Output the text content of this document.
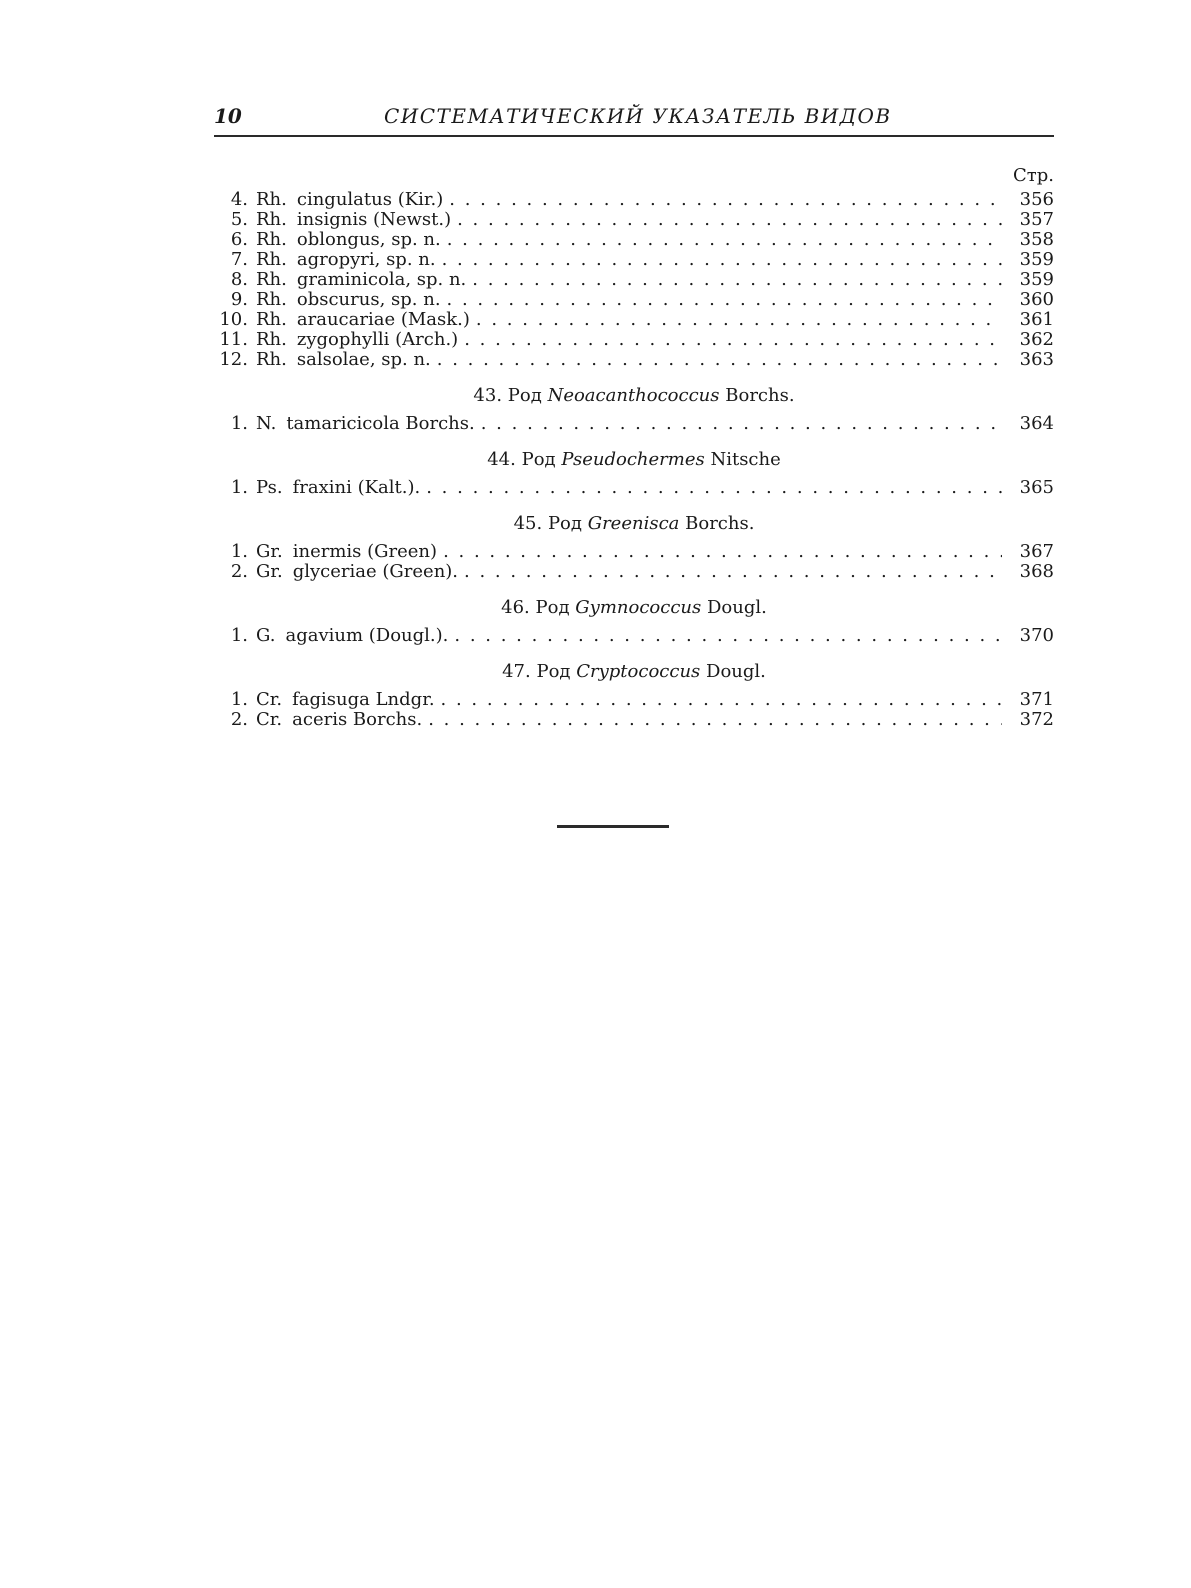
10	СИСТЕМАТИЧЕСКИЙ УКАЗАТЕЛЬ ВИДОВ
Стр.
4. Rh. cingulatus (Kir.) . . .	356
5. Rh. insignis (Newst.) . . .	357
6. Rh. oblongus, sp. n. . . .	358
7. Rh. agropyri, sp. n. . . .	359
8. Rh. graminicola, sp. n. . . .	359
9. Rh. obscurus, sp. n. . . .	360
10. Rh. araucariae (Mask.) . . .	361
11. Rh. zygophylli (Arch.) . . .	362
12. Rh. salsolae, sp. n. . . .	363
43. Род Neoacanthococcus Borchs.
1. N. tamaricicola Borchs. . . .	364
44. Род Pseudochermes Nitsche
1. Ps. fraxini (Kalt.). . . .	365
45. Род Greenisca Borchs.
1. Gr. inermis (Green) . . .	367
2. Gr. glyceriae (Green). . . .	368
46. Род Gymnococcus Dougl.
1. G. agavium (Dougl.). . . .	370
47. Род Cryptococcus Dougl.
1. Cr. fagisuga Lndgr. . . .	371
2. Cr. aceris Borchs. . . .	372
